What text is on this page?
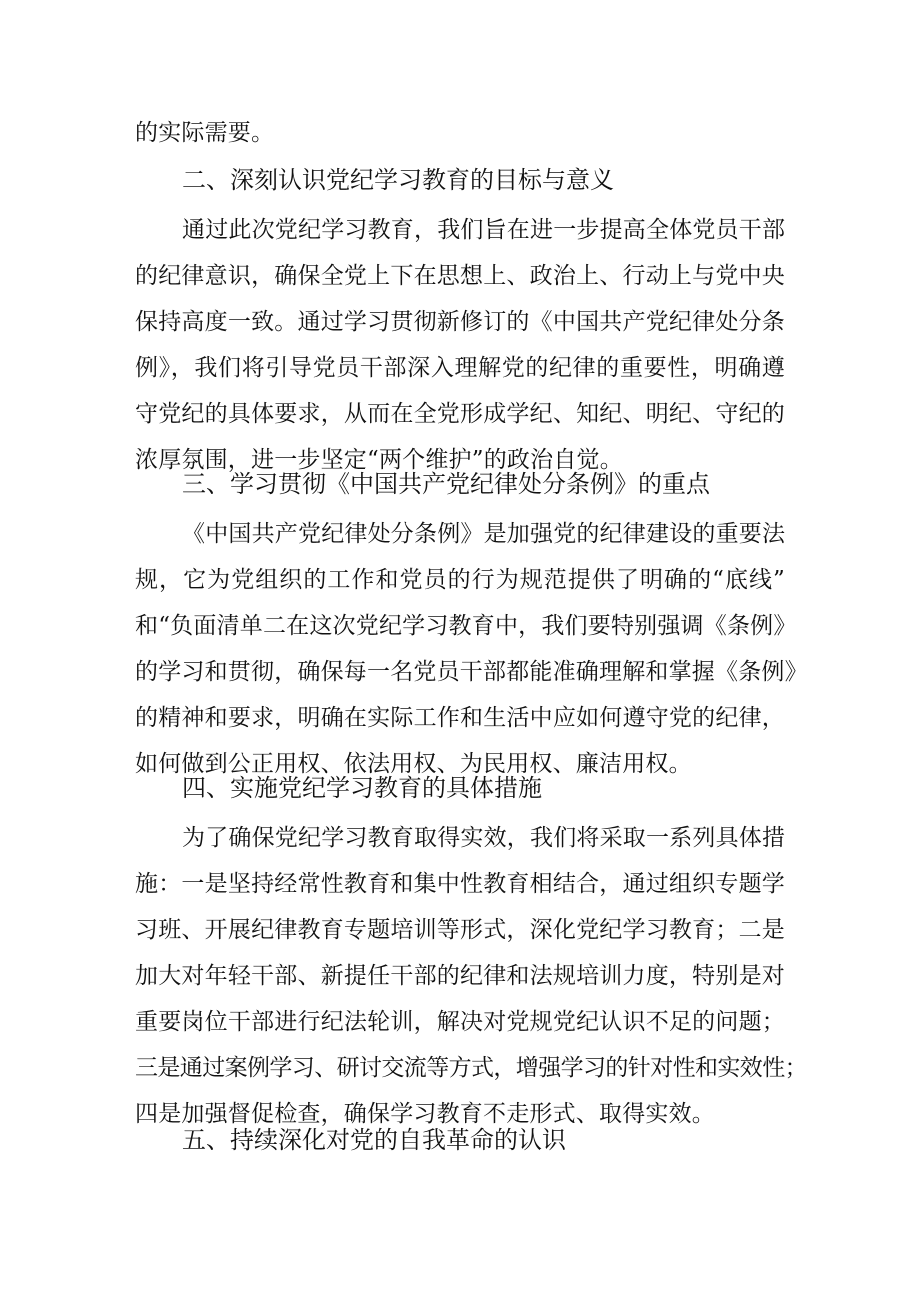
的实际需要。
二、深刻认识党纪学习教育的目标与意义
通过此次党纪学习教育，我们旨在进一步提高全体党员干部
的纪律意识，确保全党上下在思想上、政治上、行动上与党中央
保持高度一致。通过学习贯彻新修订的《中国共产党纪律处分条
例》，我们将引导党员干部深入理解党的纪律的重要性，明确遵
守党纪的具体要求，从而在全党形成学纪、知纪、明纪、守纪的
浓厚氛围，进一步坚定“两个维护”的政治自觉。
三、学习贯彻《中国共产党纪律处分条例》的重点
《中国共产党纪律处分条例》是加强党的纪律建设的重要法
规，它为党组织的工作和党员的行为规范提供了明确的“底线”
和“负面清单二在这次党纪学习教育中，我们要特别强调《条例》
的学习和贯彻，确保每一名党员干部都能准确理解和掌握《条例》
的精神和要求，明确在实际工作和生活中应如何遵守党的纪律，
如何做到公正用权、依法用权、为民用权、廉洁用权。
四、实施党纪学习教育的具体措施
为了确保党纪学习教育取得实效，我们将采取一系列具体措
施：一是坚持经常性教育和集中性教育相结合，通过组织专题学
习班、开展纪律教育专题培训等形式，深化党纪学习教育；二是
加大对年轻干部、新提任干部的纪律和法规培训力度，特别是对
重要岗位干部进行纪法轮训，解决对党规党纪认识不足的问题；
三是通过案例学习、研讨交流等方式，增强学习的针对性和实效性；
四是加强督促检查，确保学习教育不走形式、取得实效。
五、持续深化对党的自我革命的认识
